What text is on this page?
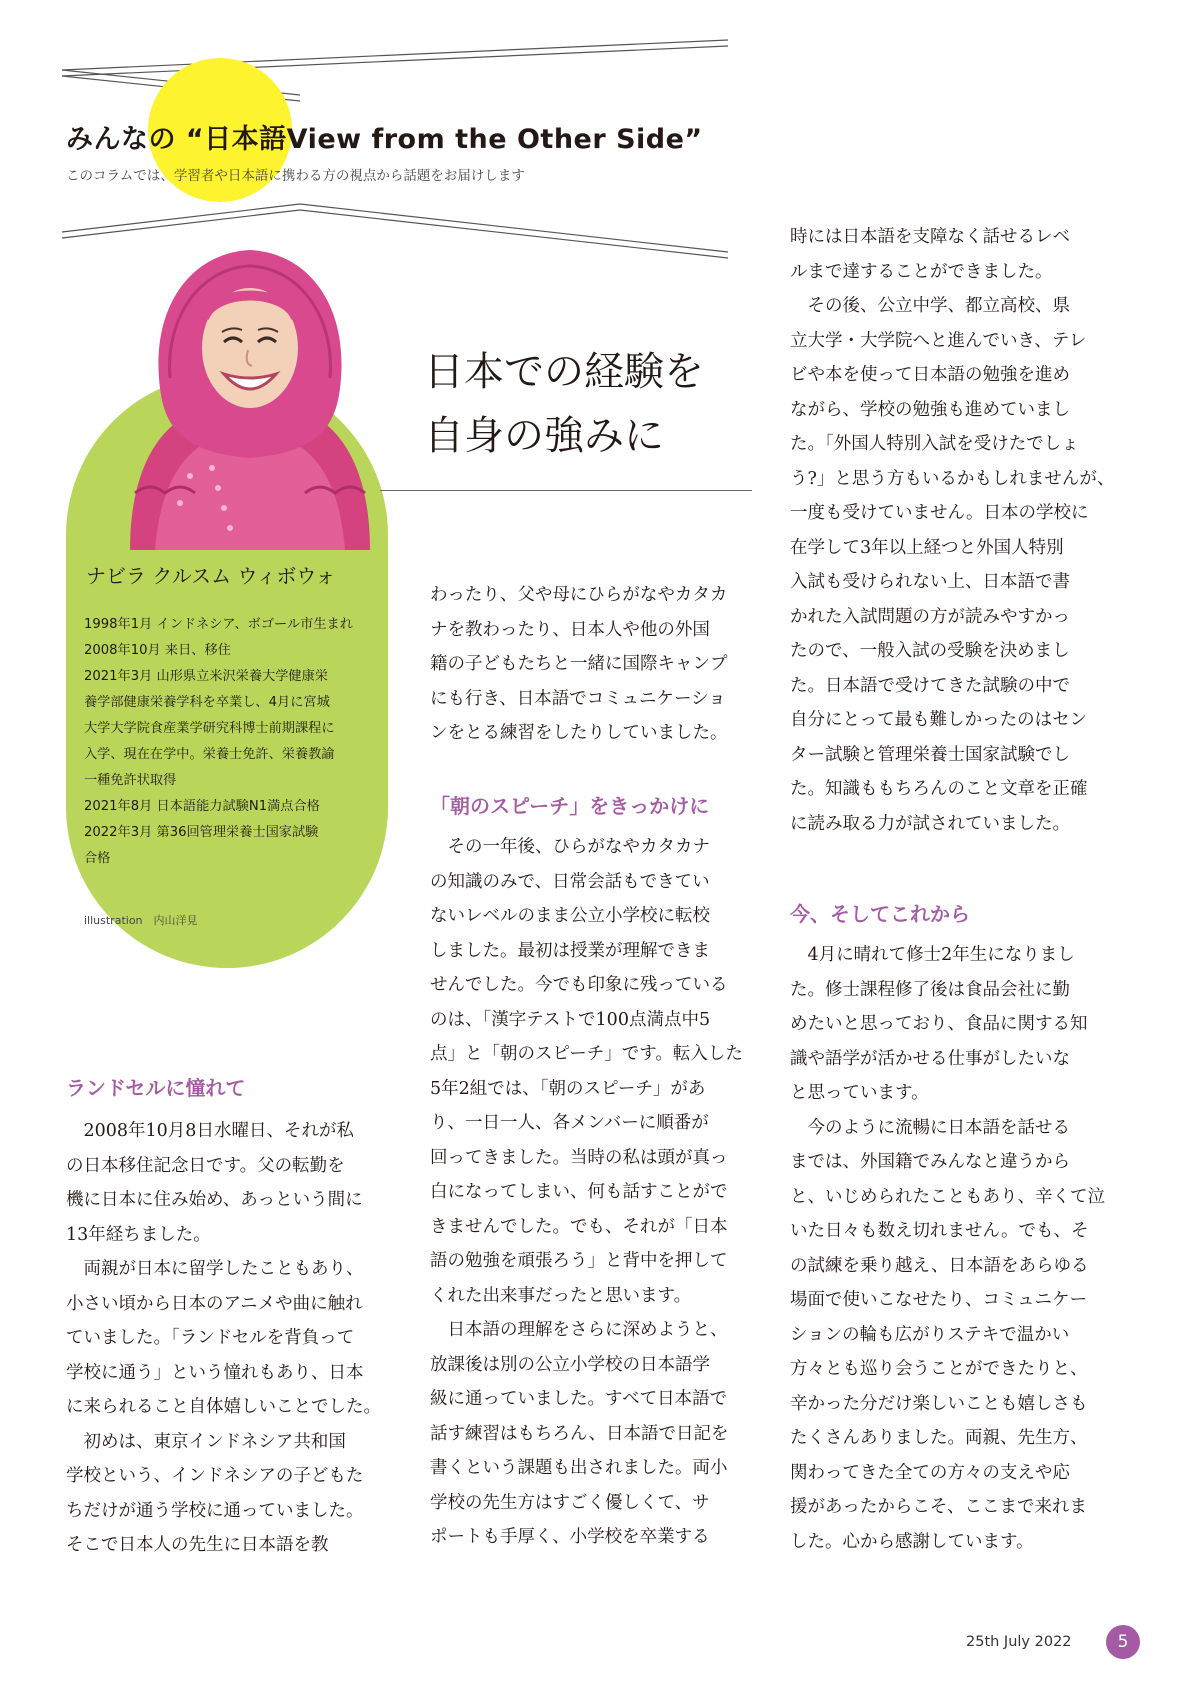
みんなの “日本語View from the Other Side”
このコラムでは、学習者や日本語に携わる方の視点から話題をお届けします
ナビラ クルスム ウィボウォ
1998年1月 インドネシア、ボゴール市生まれ
2008年10月 来日、移住
2021年3月 山形県立米沢栄養大学健康栄
養学部健康栄養学科を卒業し、4月に宮城
大学大学院食産業学研究科博士前期課程に
入学、現在在学中。栄養士免許、栄養教諭
一種免許状取得
2021年8月 日本語能力試験N1満点合格
2022年3月 第36回管理栄養士国家試験
合格
illustration　内山洋見
日本での経験を
自身の強みに
ランドセルに憧れて
　2008年10月8日水曜日、それが私
の日本移住記念日です。父の転勤を
機に日本に住み始め、あっという間に
13年経ちました。
　両親が日本に留学したこともあり、
小さい頃から日本のアニメや曲に触れ
ていました。「ランドセルを背負って
学校に通う」という憧れもあり、日本
に来られること自体嬉しいことでした。
　初めは、東京インドネシア共和国
学校という、インドネシアの子どもた
ちだけが通う学校に通っていました。
そこで日本人の先生に日本語を教
わったり、父や母にひらがなやカタカ
ナを教わったり、日本人や他の外国
籍の子どもたちと一緒に国際キャンプ
にも行き、日本語でコミュニケーショ
ンをとる練習をしたりしていました。
「朝のスピーチ」をきっかけに
　その一年後、ひらがなやカタカナ
の知識のみで、日常会話もできてい
ないレベルのまま公立小学校に転校
しました。最初は授業が理解できま
せんでした。今でも印象に残っている
のは、「漢字テストで100点満点中5
点」と「朝のスピーチ」です。転入した
5年2組では、「朝のスピーチ」があ
り、一日一人、各メンバーに順番が
回ってきました。当時の私は頭が真っ
白になってしまい、何も話すことがで
きませんでした。でも、それが「日本
語の勉強を頑張ろう」と背中を押して
くれた出来事だったと思います。
　日本語の理解をさらに深めようと、
放課後は別の公立小学校の日本語学
級に通っていました。すべて日本語で
話す練習はもちろん、日本語で日記を
書くという課題も出されました。両小
学校の先生方はすごく優しくて、サ
ポートも手厚く、小学校を卒業する
時には日本語を支障なく話せるレベ
ルまで達することができました。
　その後、公立中学、都立高校、県
立大学・大学院へと進んでいき、テレ
ビや本を使って日本語の勉強を進め
ながら、学校の勉強も進めていまし
た。「外国人特別入試を受けたでしょ
う?」と思う方もいるかもしれませんが、
一度も受けていません。日本の学校に
在学して3年以上経つと外国人特別
入試も受けられない上、日本語で書
かれた入試問題の方が読みやすかっ
たので、一般入試の受験を決めまし
た。日本語で受けてきた試験の中で
自分にとって最も難しかったのはセン
ター試験と管理栄養士国家試験でし
た。知識ももちろんのこと文章を正確
に読み取る力が試されていました。
今、そしてこれから
　4月に晴れて修士2年生になりまし
た。修士課程修了後は食品会社に勤
めたいと思っており、食品に関する知
識や語学が活かせる仕事がしたいな
と思っています。
　今のように流暢に日本語を話せる
までは、外国籍でみんなと違うから
と、いじめられたこともあり、辛くて泣
いた日々も数え切れません。でも、そ
の試練を乗り越え、日本語をあらゆる
場面で使いこなせたり、コミュニケー
ションの輪も広がりステキで温かい
方々とも巡り会うことができたりと、
辛かった分だけ楽しいことも嬉しさも
たくさんありました。両親、先生方、
関わってきた全ての方々の支えや応
援があったからこそ、ここまで来れま
した。心から感謝しています。
25th July 2022	5
